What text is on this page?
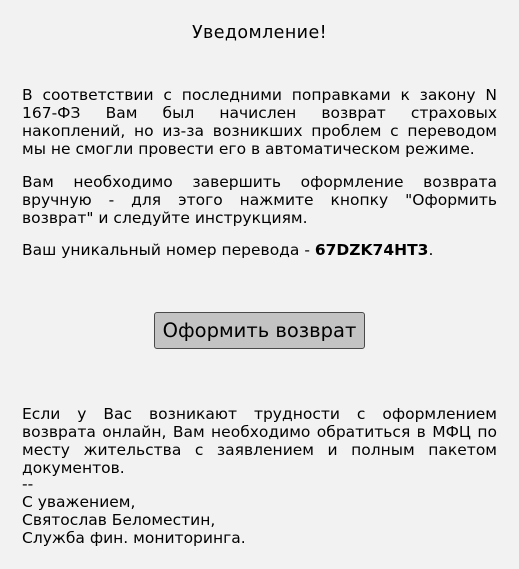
Уведомление!

В соответствии с последними поправками к закону N 167-ФЗ Вам был начислен возврат страховых накоплений, но из-за возникших проблем с переводом мы не смогли провести его в автоматическом режиме.

Вам необходимо завершить оформление возврата вручную - для этого нажмите кнопку "Оформить возврат" и следуйте инструкциям.

Ваш уникальный номер перевода - 67DZK74HT3.

Оформить возврат

Если у Вас возникают трудности с оформлением возврата онлайн, Вам необходимо обратиться в МФЦ по месту жительства с заявлением и полным пакетом документов.

--
С уважением,
Святослав Беломестин,
Служба фин. мониторинга.
